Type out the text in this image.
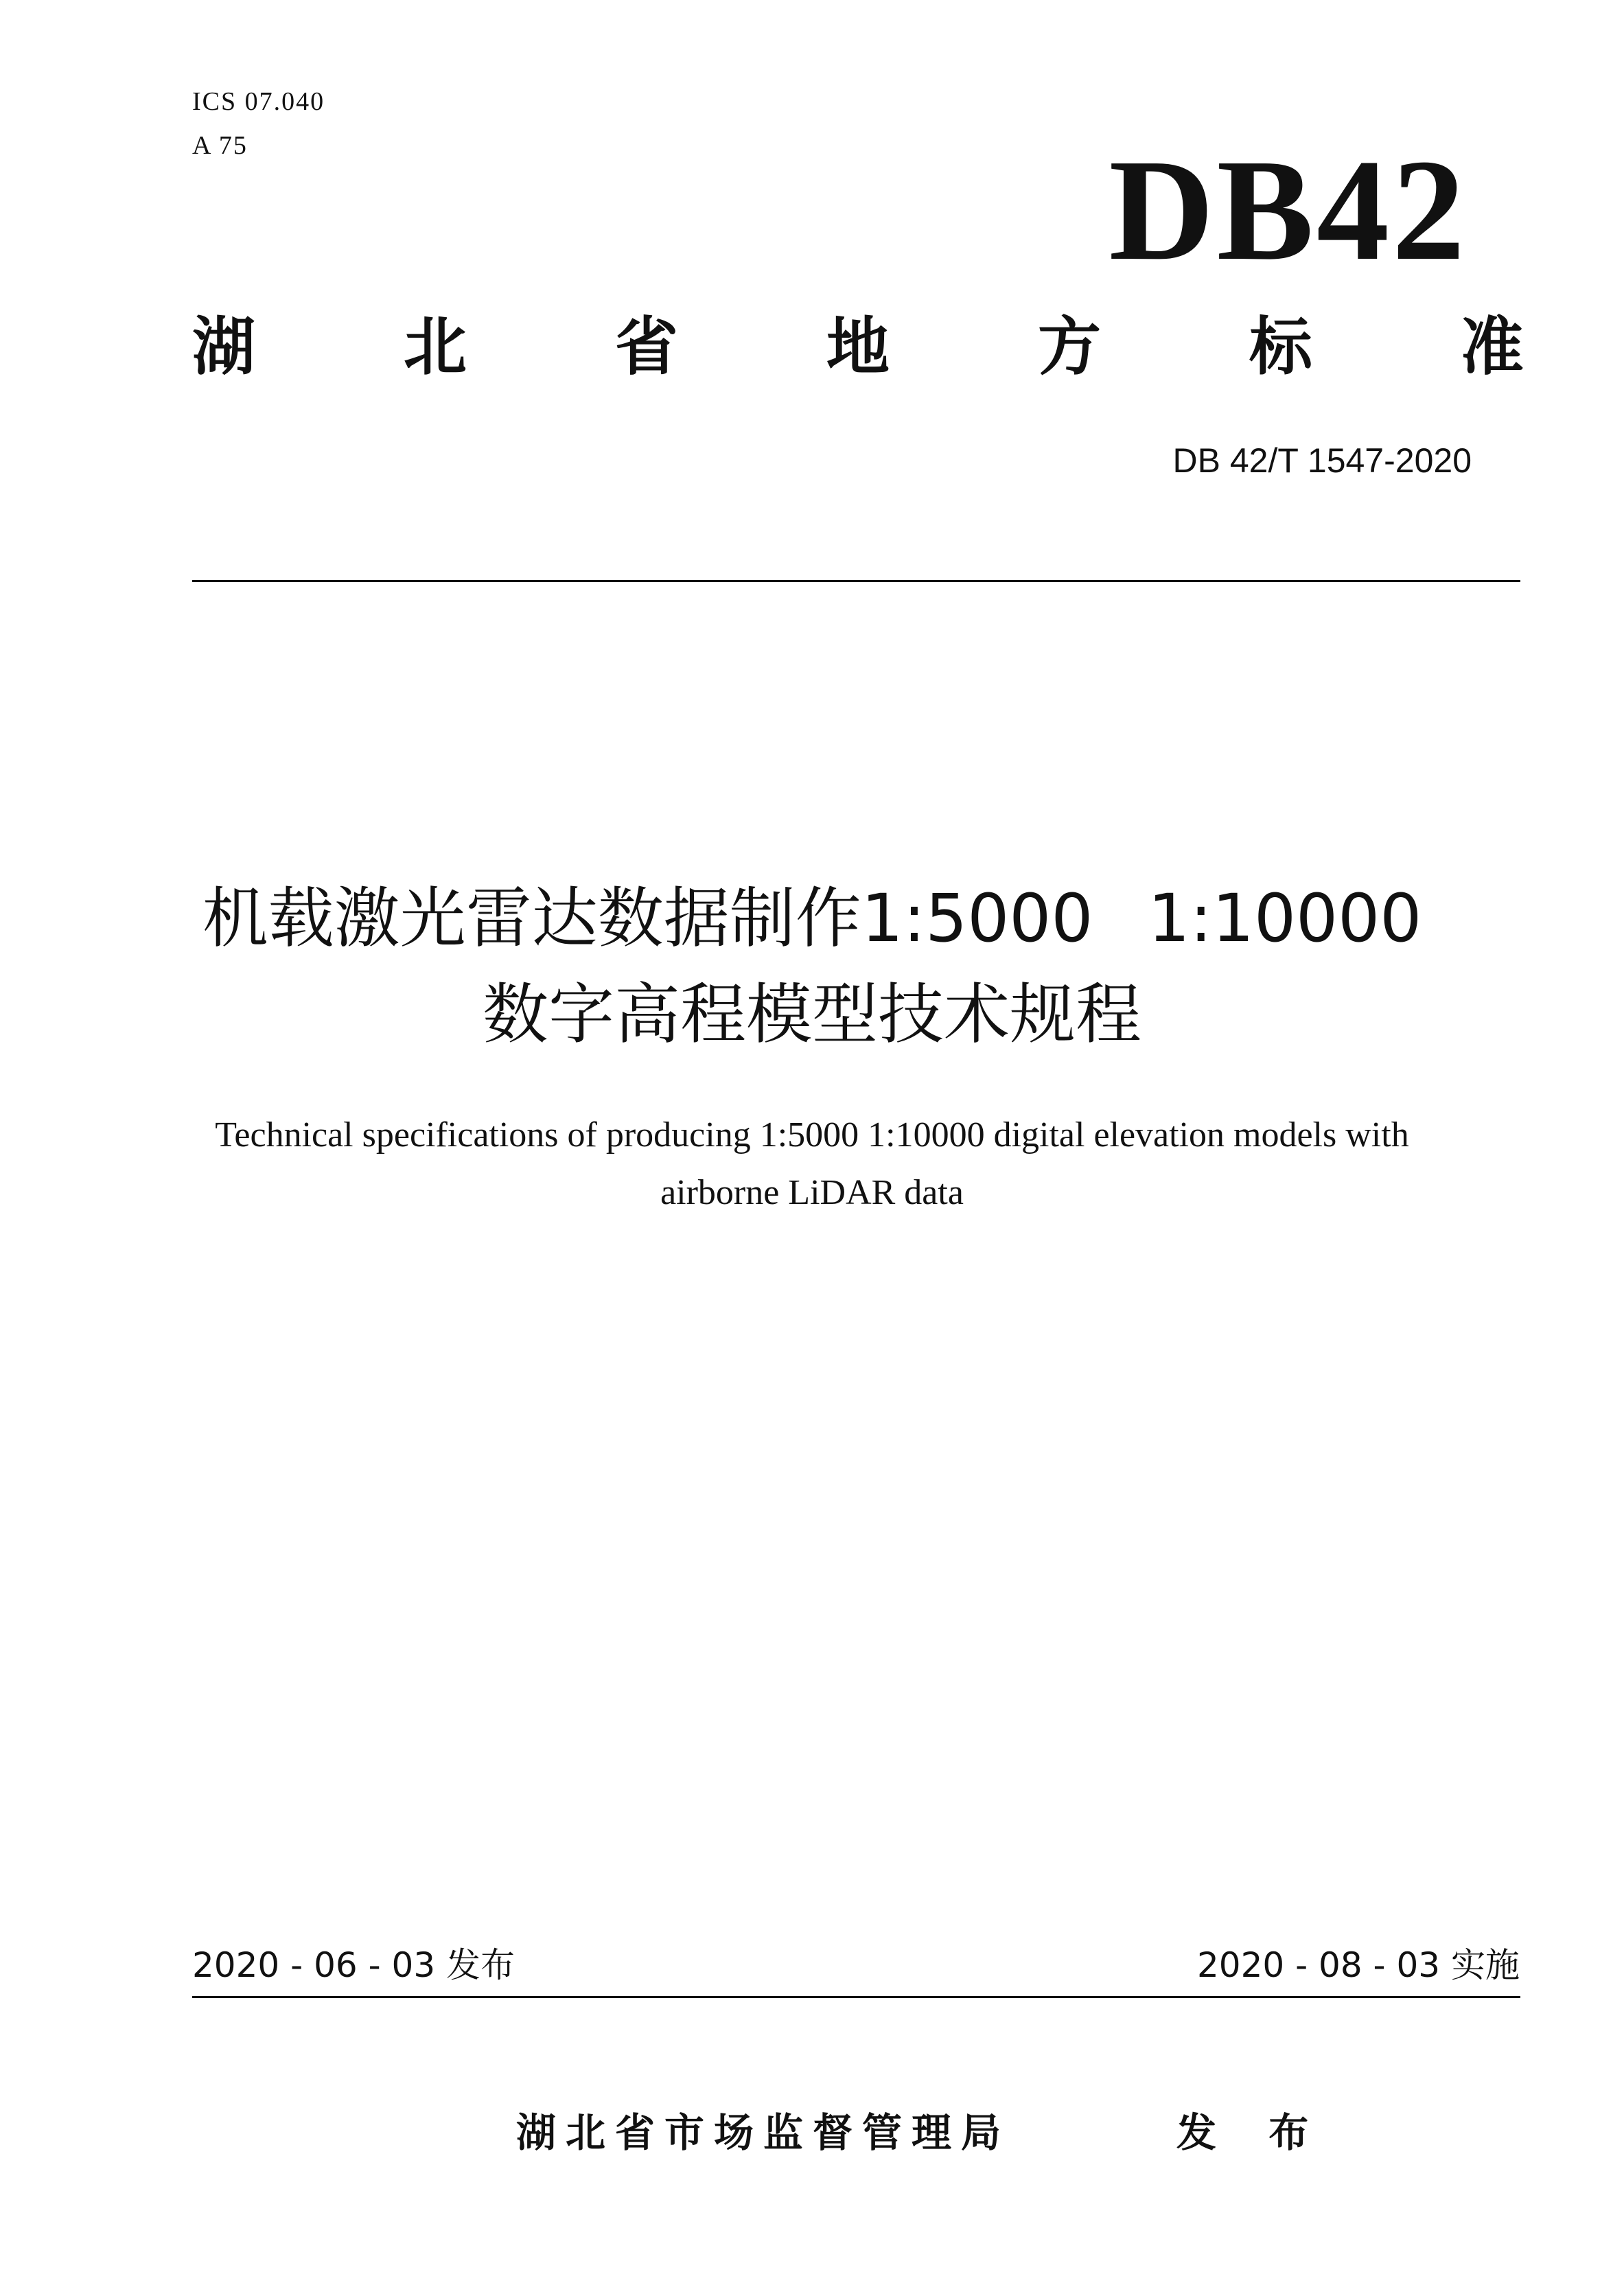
ICS 07.040
A 75	DB42
湖 北 省 地 方 标 准
DB 42/T 1547-2020
机载激光雷达数据制作1:5000 1:10000
数字高程模型技术规程
Technical specifications of producing 1:5000 1:10000 digital elevation models with
airborne LiDAR data
2020 - 06 - 03 发布	2020 - 08 - 03 实施
湖北省市场监督管理局	发 布
